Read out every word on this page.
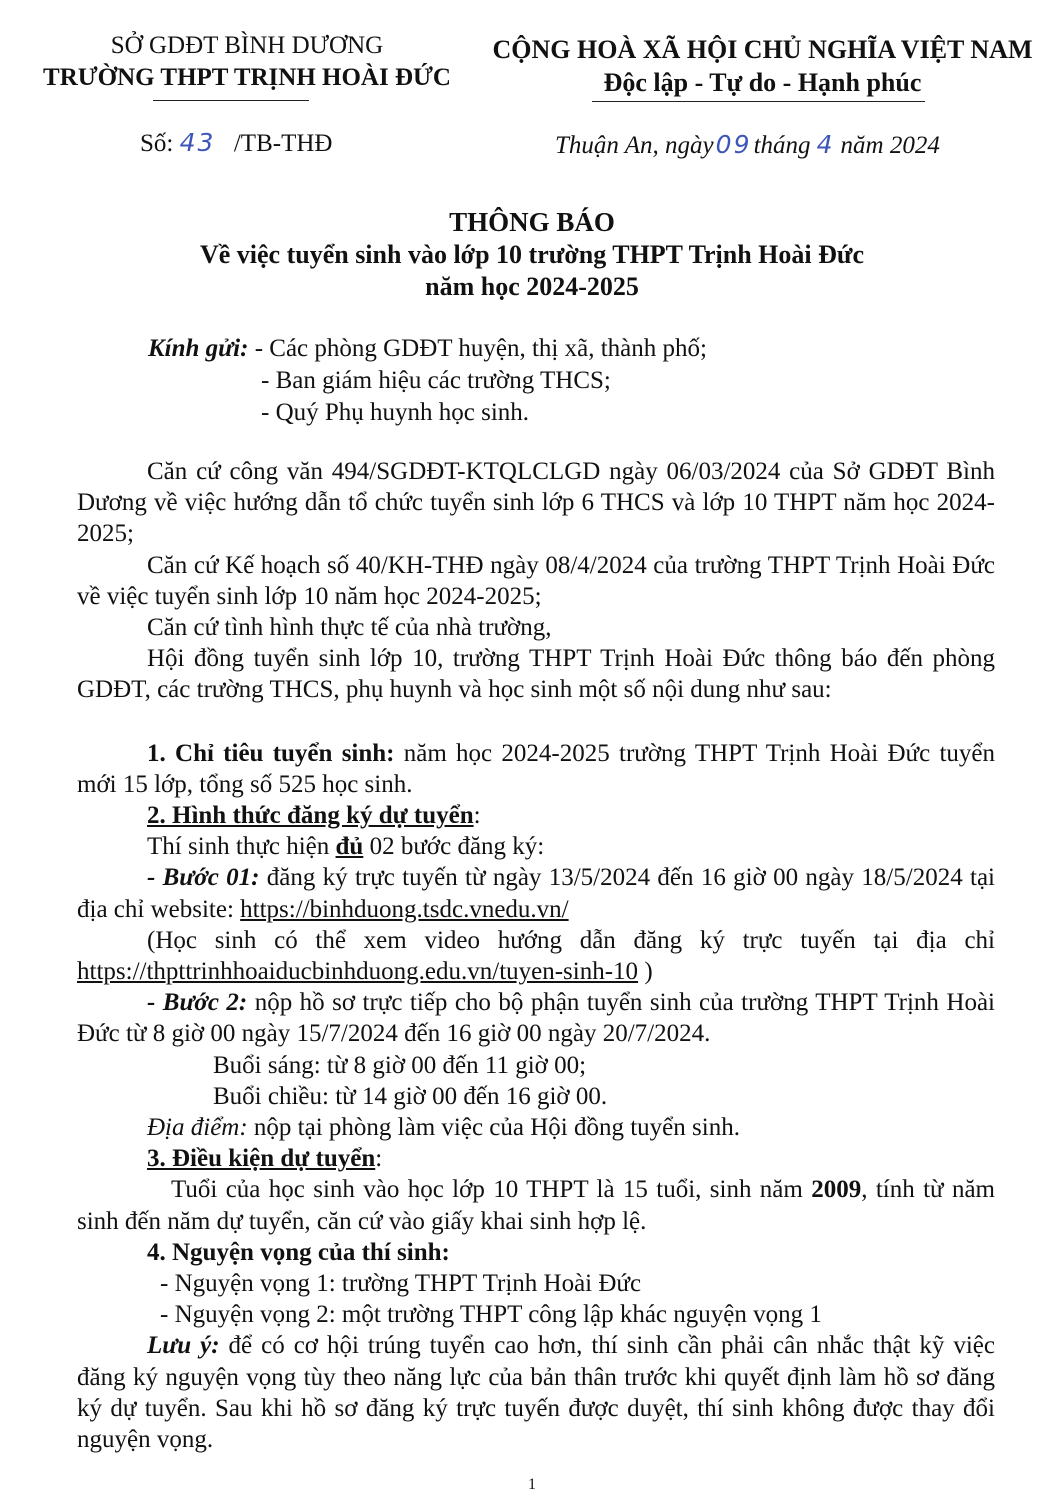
SỞ GDĐT BÌNH DƯƠNG
TRƯỜNG THPT TRỊNH HOÀI ĐỨC
CỘNG HOÀ XÃ HỘI CHỦ NGHĨA VIỆT NAM
Độc lập - Tự do - Hạnh phúc
Số: 43 /TB-THĐ	Thuận An, ngày09tháng 4 năm 2024
THÔNG BÁO
Về việc tuyển sinh vào lớp 10 trường THPT Trịnh Hoài Đức
năm học 2024-2025
Kính gửi: - Các phòng GDĐT huyện, thị xã, thành phố;
- Ban giám hiệu các trường THCS;
- Quý Phụ huynh học sinh.

Căn cứ công văn 494/SGDĐT-KTQLCLGD ngày 06/03/2024 của Sở GDĐT Bình Dương về việc hướng dẫn tổ chức tuyển sinh lớp 6 THCS và lớp 10 THPT năm học 2024-2025;

Căn cứ Kế hoạch số 40/KH-THĐ ngày 08/4/2024 của trường THPT Trịnh Hoài Đức về việc tuyển sinh lớp 10 năm học 2024-2025;

Căn cứ tình hình thực tế của nhà trường,

Hội đồng tuyển sinh lớp 10, trường THPT Trịnh Hoài Đức thông báo đến phòng GDĐT, các trường THCS, phụ huynh và học sinh một số nội dung như sau:

1. Chỉ tiêu tuyển sinh: năm học 2024-2025 trường THPT Trịnh Hoài Đức tuyển mới 15 lớp, tổng số 525 học sinh.

2. Hình thức đăng ký dự tuyển:

Thí sinh thực hiện đủ 02 bước đăng ký:

- Bước 01: đăng ký trực tuyến từ ngày 13/5/2024 đến 16 giờ 00 ngày 18/5/2024 tại địa chỉ website: https://binhduong.tsdc.vnedu.vn/

(Học sinh có thể xem video hướng dẫn đăng ký trực tuyến tại địa chỉ https://thpttrinhhoaiducbinhduong.edu.vn/tuyen-sinh-10 )

- Bước 2: nộp hồ sơ trực tiếp cho bộ phận tuyển sinh của trường THPT Trịnh Hoài Đức từ 8 giờ 00 ngày 15/7/2024 đến 16 giờ 00 ngày 20/7/2024.

Buổi sáng: từ 8 giờ 00 đến 11 giờ 00;

Buổi chiều: từ 14 giờ 00 đến 16 giờ 00.

Địa điểm: nộp tại phòng làm việc của Hội đồng tuyển sinh.

3. Điều kiện dự tuyển:

Tuổi của học sinh vào học lớp 10 THPT là 15 tuổi, sinh năm 2009, tính từ năm sinh đến năm dự tuyển, căn cứ vào giấy khai sinh hợp lệ.

4. Nguyện vọng của thí sinh:

- Nguyện vọng 1: trường THPT Trịnh Hoài Đức

- Nguyện vọng 2: một trường THPT công lập khác nguyện vọng 1

Lưu ý: để có cơ hội trúng tuyển cao hơn, thí sinh cần phải cân nhắc thật kỹ việc đăng ký nguyện vọng tùy theo năng lực của bản thân trước khi quyết định làm hồ sơ đăng ký dự tuyển. Sau khi hồ sơ đăng ký trực tuyến được duyệt, thí sinh không được thay đổi nguyện vọng.

1
